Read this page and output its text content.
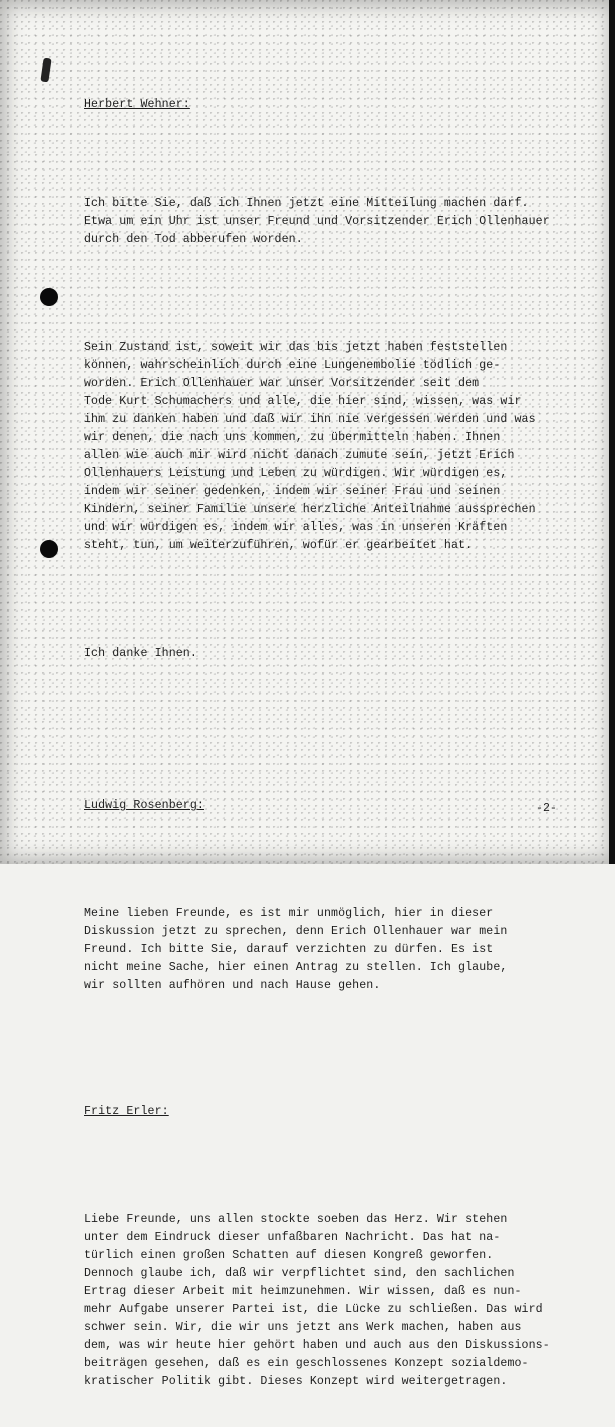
Herbert Wehner:

Ich bitte Sie, daß ich Ihnen jetzt eine Mitteilung machen darf.
Etwa um ein Uhr ist unser Freund und Vorsitzender Erich Ollenhauer
durch den Tod abberufen worden.

Sein Zustand ist, soweit wir das bis jetzt haben feststellen
können, wahrscheinlich durch eine Lungenembolie tödlich ge-
worden. Erich Ollenhauer war unser Vorsitzender seit dem
Tode Kurt Schumachers und alle, die hier sind, wissen, was wir
ihm zu danken haben und daß wir ihn nie vergessen werden und was
wir denen, die nach uns kommen, zu übermitteln haben. Ihnen
allen wie auch mir wird nicht danach zumute sein, jetzt Erich
Ollenhauers Leistung und Leben zu würdigen. Wir würdigen es,
indem wir seiner gedenken, indem wir seiner Frau und seinen
Kindern, seiner Familie unsere herzliche Anteilnahme aussprechen
und wir würdigen es, indem wir alles, was in unseren Kräften
steht, tun, um weiterzuführen, wofür er gearbeitet hat.

Ich danke Ihnen.

Ludwig Rosenberg:

Meine lieben Freunde, es ist mir unmöglich, hier in dieser
Diskussion jetzt zu sprechen, denn Erich Ollenhauer war mein
Freund. Ich bitte Sie, darauf verzichten zu dürfen. Es ist
nicht meine Sache, hier einen Antrag zu stellen. Ich glaube,
wir sollten aufhören und nach Hause gehen.

Fritz Erler:

Liebe Freunde, uns allen stockte soeben das Herz. Wir stehen
unter dem Eindruck dieser unfaßbaren Nachricht. Das hat na-
türlich einen großen Schatten auf diesen Kongreß geworfen.
Dennoch glaube ich, daß wir verpflichtet sind, den sachlichen
Ertrag dieser Arbeit mit heimzunehmen. Wir wissen, daß es nun-
mehr Aufgabe unserer Partei ist, die Lücke zu schließen. Das wird
schwer sein. Wir, die wir uns jetzt ans Werk machen, haben aus
dem, was wir heute hier gehört haben und auch aus den Diskussions-
beiträgen gesehen, daß es ein geschlossenes Konzept sozialdemo-
kratischer Politik gibt. Dieses Konzept wird weitergetragen.

-2-
